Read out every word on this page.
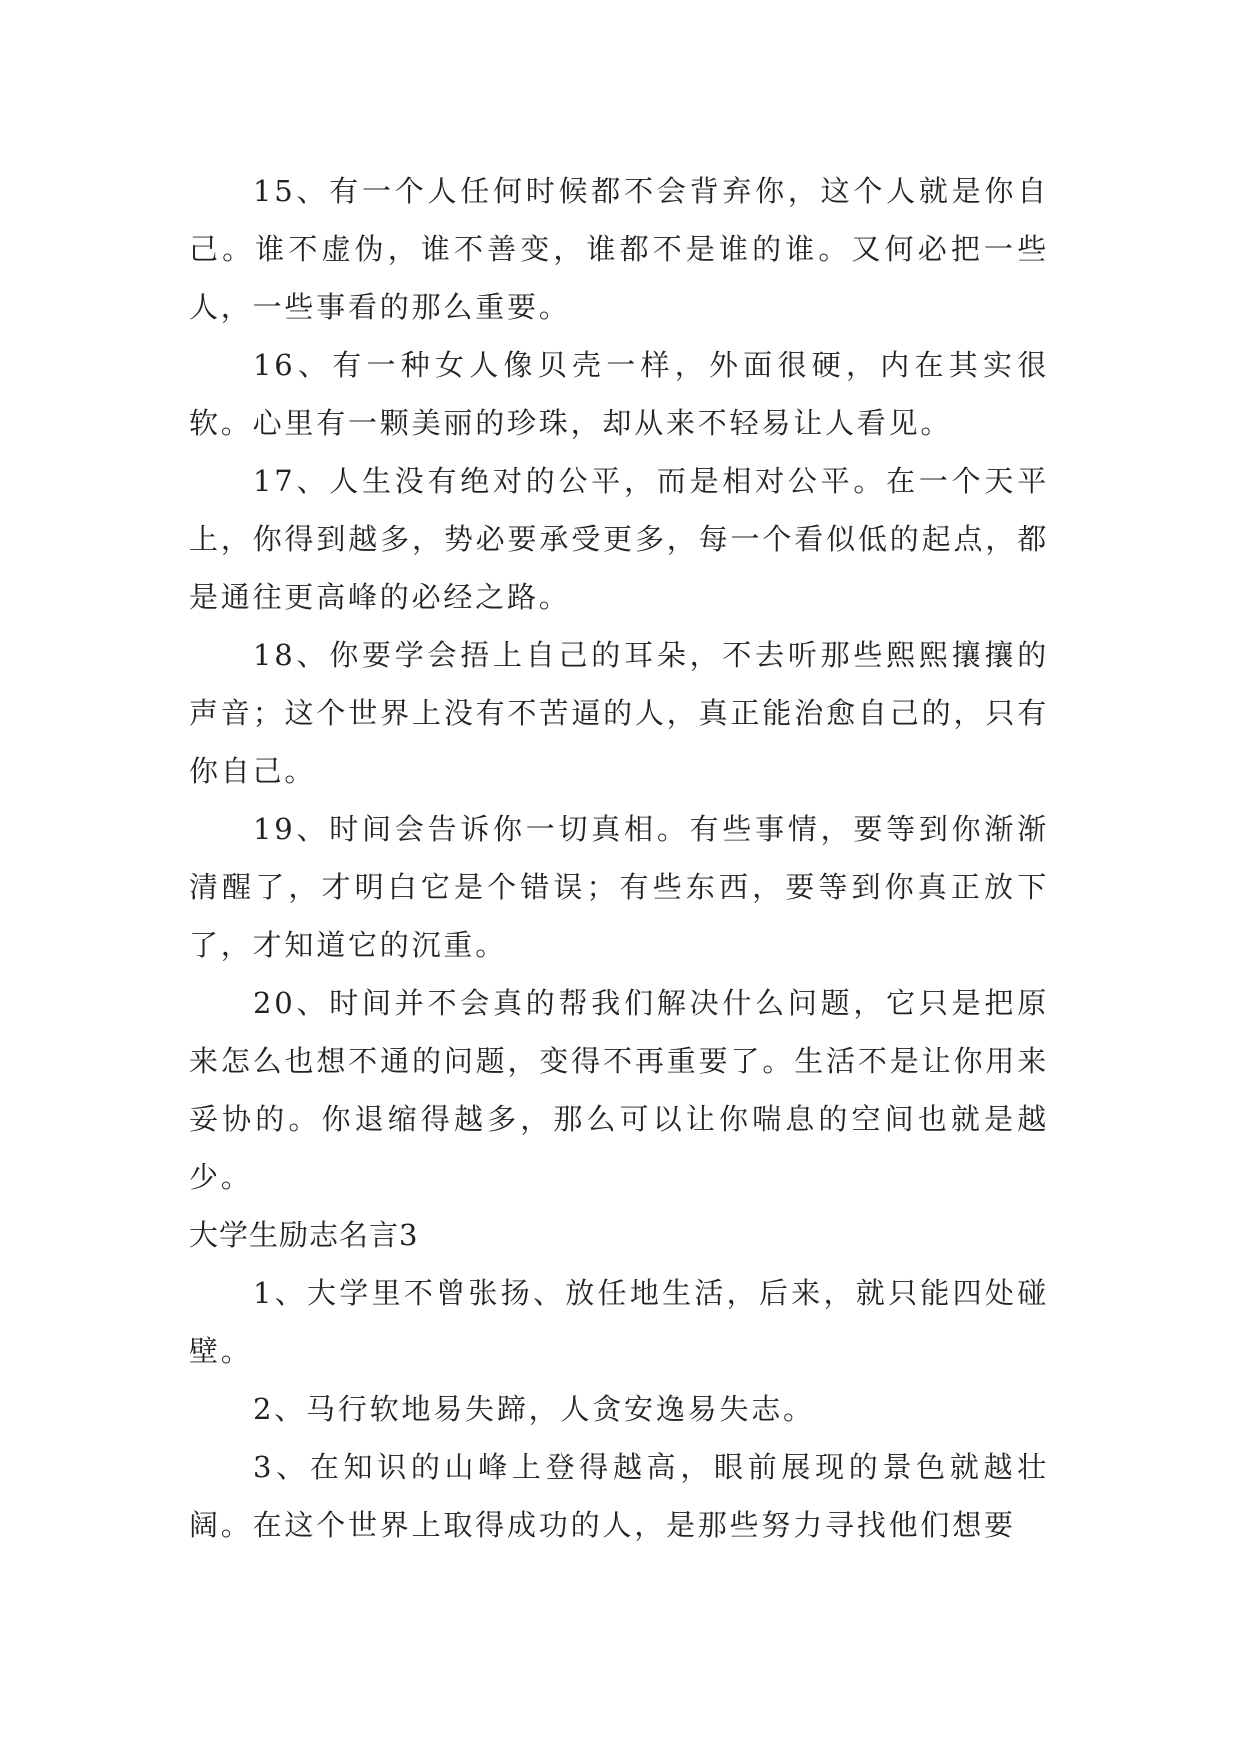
15、有一个人任何时候都不会背弃你，这个人就是你自己。谁不虚伪，谁不善变，谁都不是谁的谁。又何必把一些人，一些事看的那么重要。

16、有一种女人像贝壳一样，外面很硬，内在其实很软。心里有一颗美丽的珍珠，却从来不轻易让人看见。

17、人生没有绝对的公平，而是相对公平。在一个天平上，你得到越多，势必要承受更多，每一个看似低的起点，都是通往更高峰的必经之路。

18、你要学会捂上自己的耳朵，不去听那些熙熙攘攘的声音；这个世界上没有不苦逼的人，真正能治愈自己的，只有你自己。

19、时间会告诉你一切真相。有些事情，要等到你渐渐清醒了，才明白它是个错误；有些东西，要等到你真正放下了，才知道它的沉重。

20、时间并不会真的帮我们解决什么问题，它只是把原来怎么也想不通的问题，变得不再重要了。生活不是让你用来妥协的。你退缩得越多，那么可以让你喘息的空间也就是越少。

大学生励志名言3

1、大学里不曾张扬、放任地生活，后来，就只能四处碰壁。

2、马行软地易失蹄，人贪安逸易失志。

3、在知识的山峰上登得越高，眼前展现的景色就越壮阔。在这个世界上取得成功的人，是那些努力寻找他们想要
